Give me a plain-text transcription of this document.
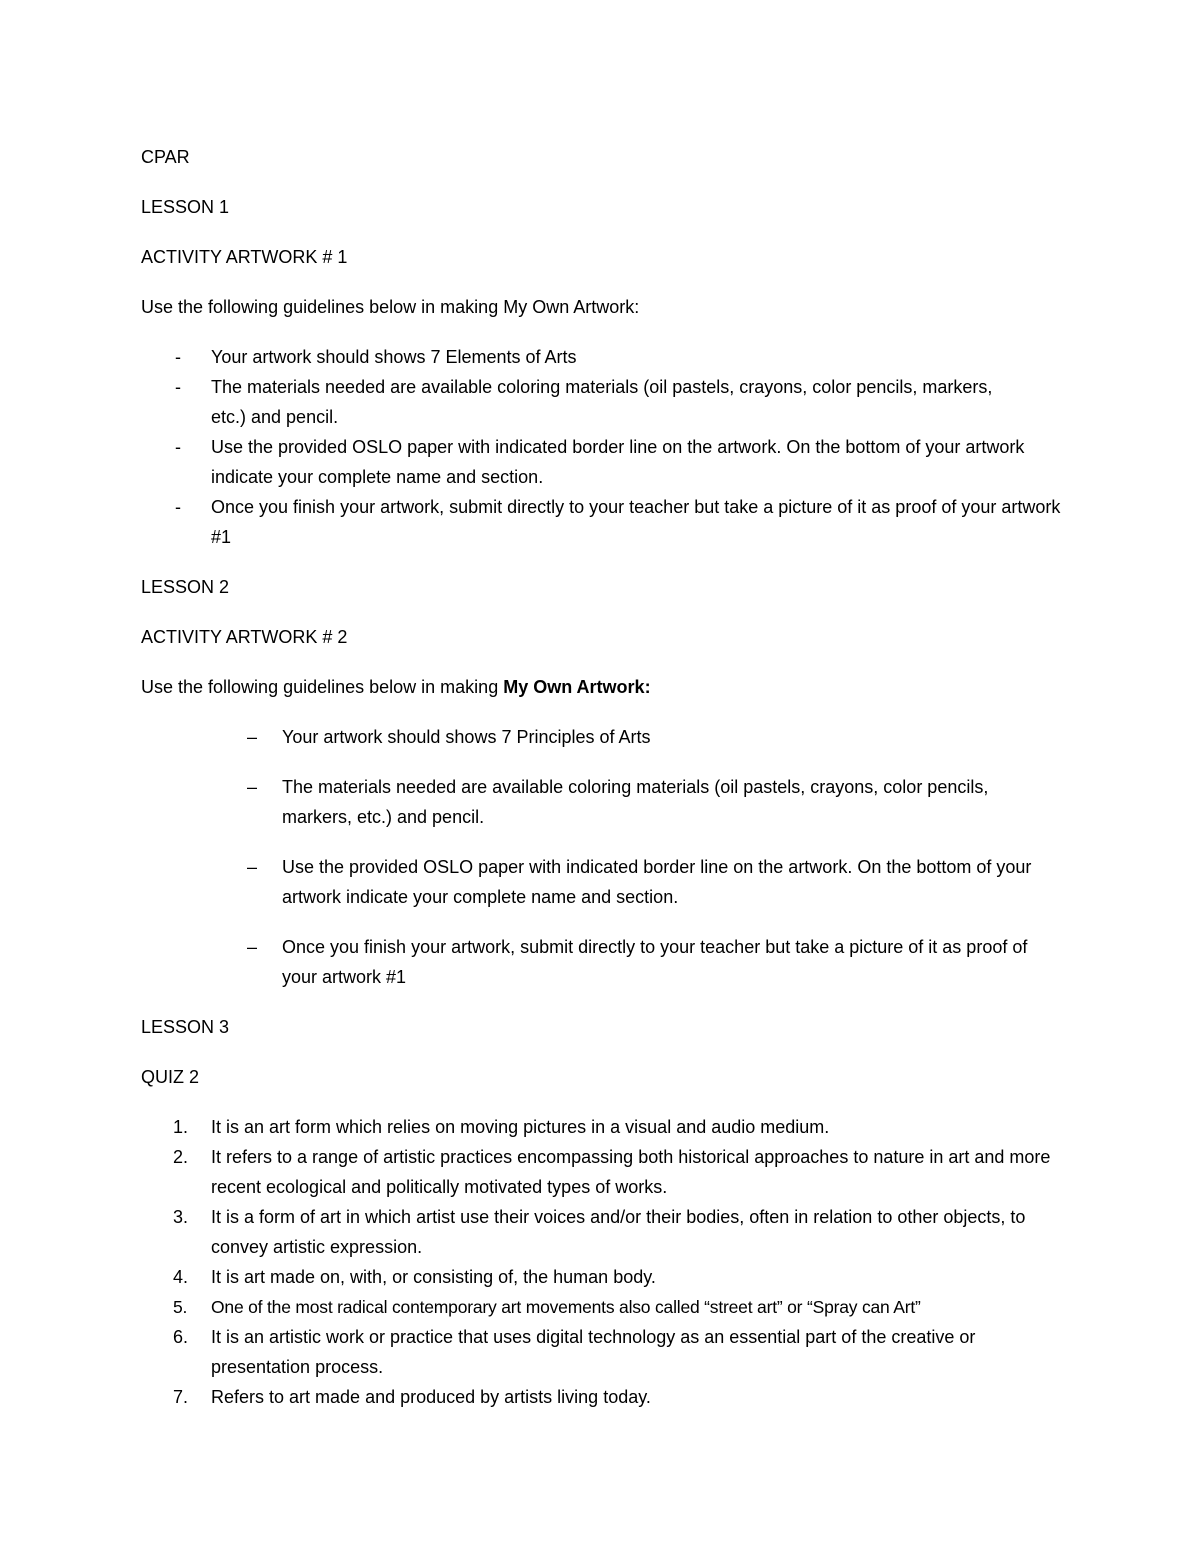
CPAR

LESSON 1

ACTIVITY ARTWORK # 1

Use the following guidelines below in making My Own Artwork:

- Your artwork should shows 7 Elements of Arts
- The materials needed are available coloring materials (oil pastels, crayons, color pencils, markers, etc.) and pencil.
- Use the provided OSLO paper with indicated border line on the artwork. On the bottom of your artwork indicate your complete name and section.
- Once you finish your artwork, submit directly to your teacher but take a picture of it as proof of your artwork #1

LESSON 2

ACTIVITY ARTWORK # 2

Use the following guidelines below in making My Own Artwork:

– Your artwork should shows 7 Principles of Arts
– The materials needed are available coloring materials (oil pastels, crayons, color pencils, markers, etc.) and pencil.
– Use the provided OSLO paper with indicated border line on the artwork. On the bottom of your artwork indicate your complete name and section.
– Once you finish your artwork, submit directly to your teacher but take a picture of it as proof of your artwork #1

LESSON 3

QUIZ 2

1. It is an art form which relies on moving pictures in a visual and audio medium.
2. It refers to a range of artistic practices encompassing both historical approaches to nature in art and more recent ecological and politically motivated types of works.
3. It is a form of art in which artist use their voices and/or their bodies, often in relation to other objects, to convey artistic expression.
4. It is art made on, with, or consisting of, the human body.
5. One of the most radical contemporary art movements also called “street art” or “Spray can Art”
6. It is an artistic work or practice that uses digital technology as an essential part of the creative or presentation process.
7. Refers to art made and produced by artists living today.
